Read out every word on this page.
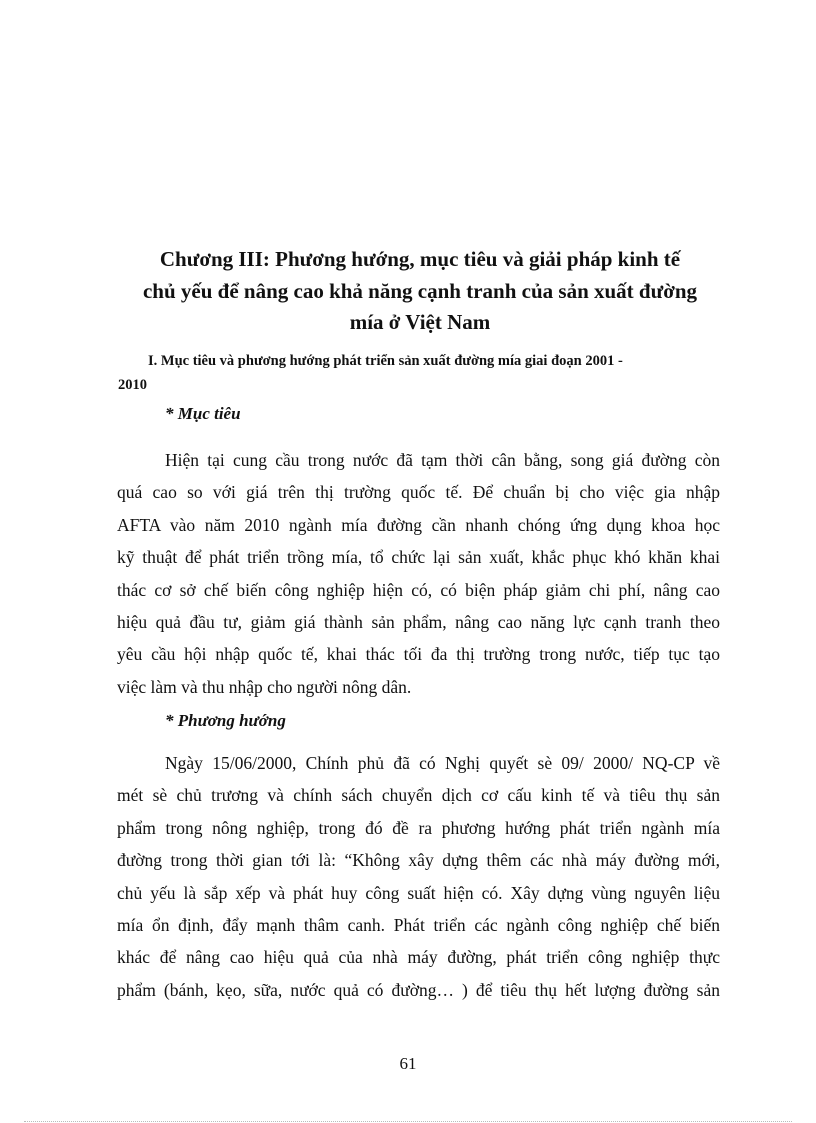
Chương III: Phương hướng, mục tiêu và giải pháp kinh tế
chủ yếu để nâng cao khả năng cạnh tranh của sản xuất đường
mía ở Việt Nam
I. Mục tiêu và phương hướng phát triển sản xuất đường mía giai đoạn 2001 -
2010
* Mục tiêu

Hiện tại cung cầu trong nước đã tạm thời cân bằng, song giá đường còn
quá cao so với giá trên thị trường quốc tế. Để chuẩn bị cho việc gia nhập
AFTA vào năm 2010 ngành mía đường cần nhanh chóng ứng dụng khoa học
kỹ thuật để phát triển trồng mía, tổ chức lại sản xuất, khắc phục khó khăn khai
thác cơ sở chế biến công nghiệp hiện có, có biện pháp giảm chi phí, nâng cao
hiệu quả đầu tư, giảm giá thành sản phẩm, nâng cao năng lực cạnh tranh theo
yêu cầu hội nhập quốc tế, khai thác tối đa thị trường trong nước, tiếp tục tạo
việc làm và thu nhập cho người nông dân.

* Phương hướng

Ngày 15/06/2000, Chính phủ đã có Nghị quyết sè 09/ 2000/ NQ-CP về
mét sè chủ trương và chính sách chuyển dịch cơ cấu kinh tế và tiêu thụ sản
phẩm trong nông nghiệp, trong đó đề ra phương hướng phát triển ngành mía
đường trong thời gian tới là: “Không xây dựng thêm các nhà máy đường mới,
chủ yếu là sắp xếp và phát huy công suất hiện có. Xây dựng vùng nguyên liệu
mía ổn định, đẩy mạnh thâm canh. Phát triển các ngành công nghiệp chế biến
khác để nâng cao hiệu quả của nhà máy đường, phát triển công nghiệp thực
phẩm (bánh, kẹo, sữa, nước quả có đường… ) để tiêu thụ hết lượng đường sản

61
